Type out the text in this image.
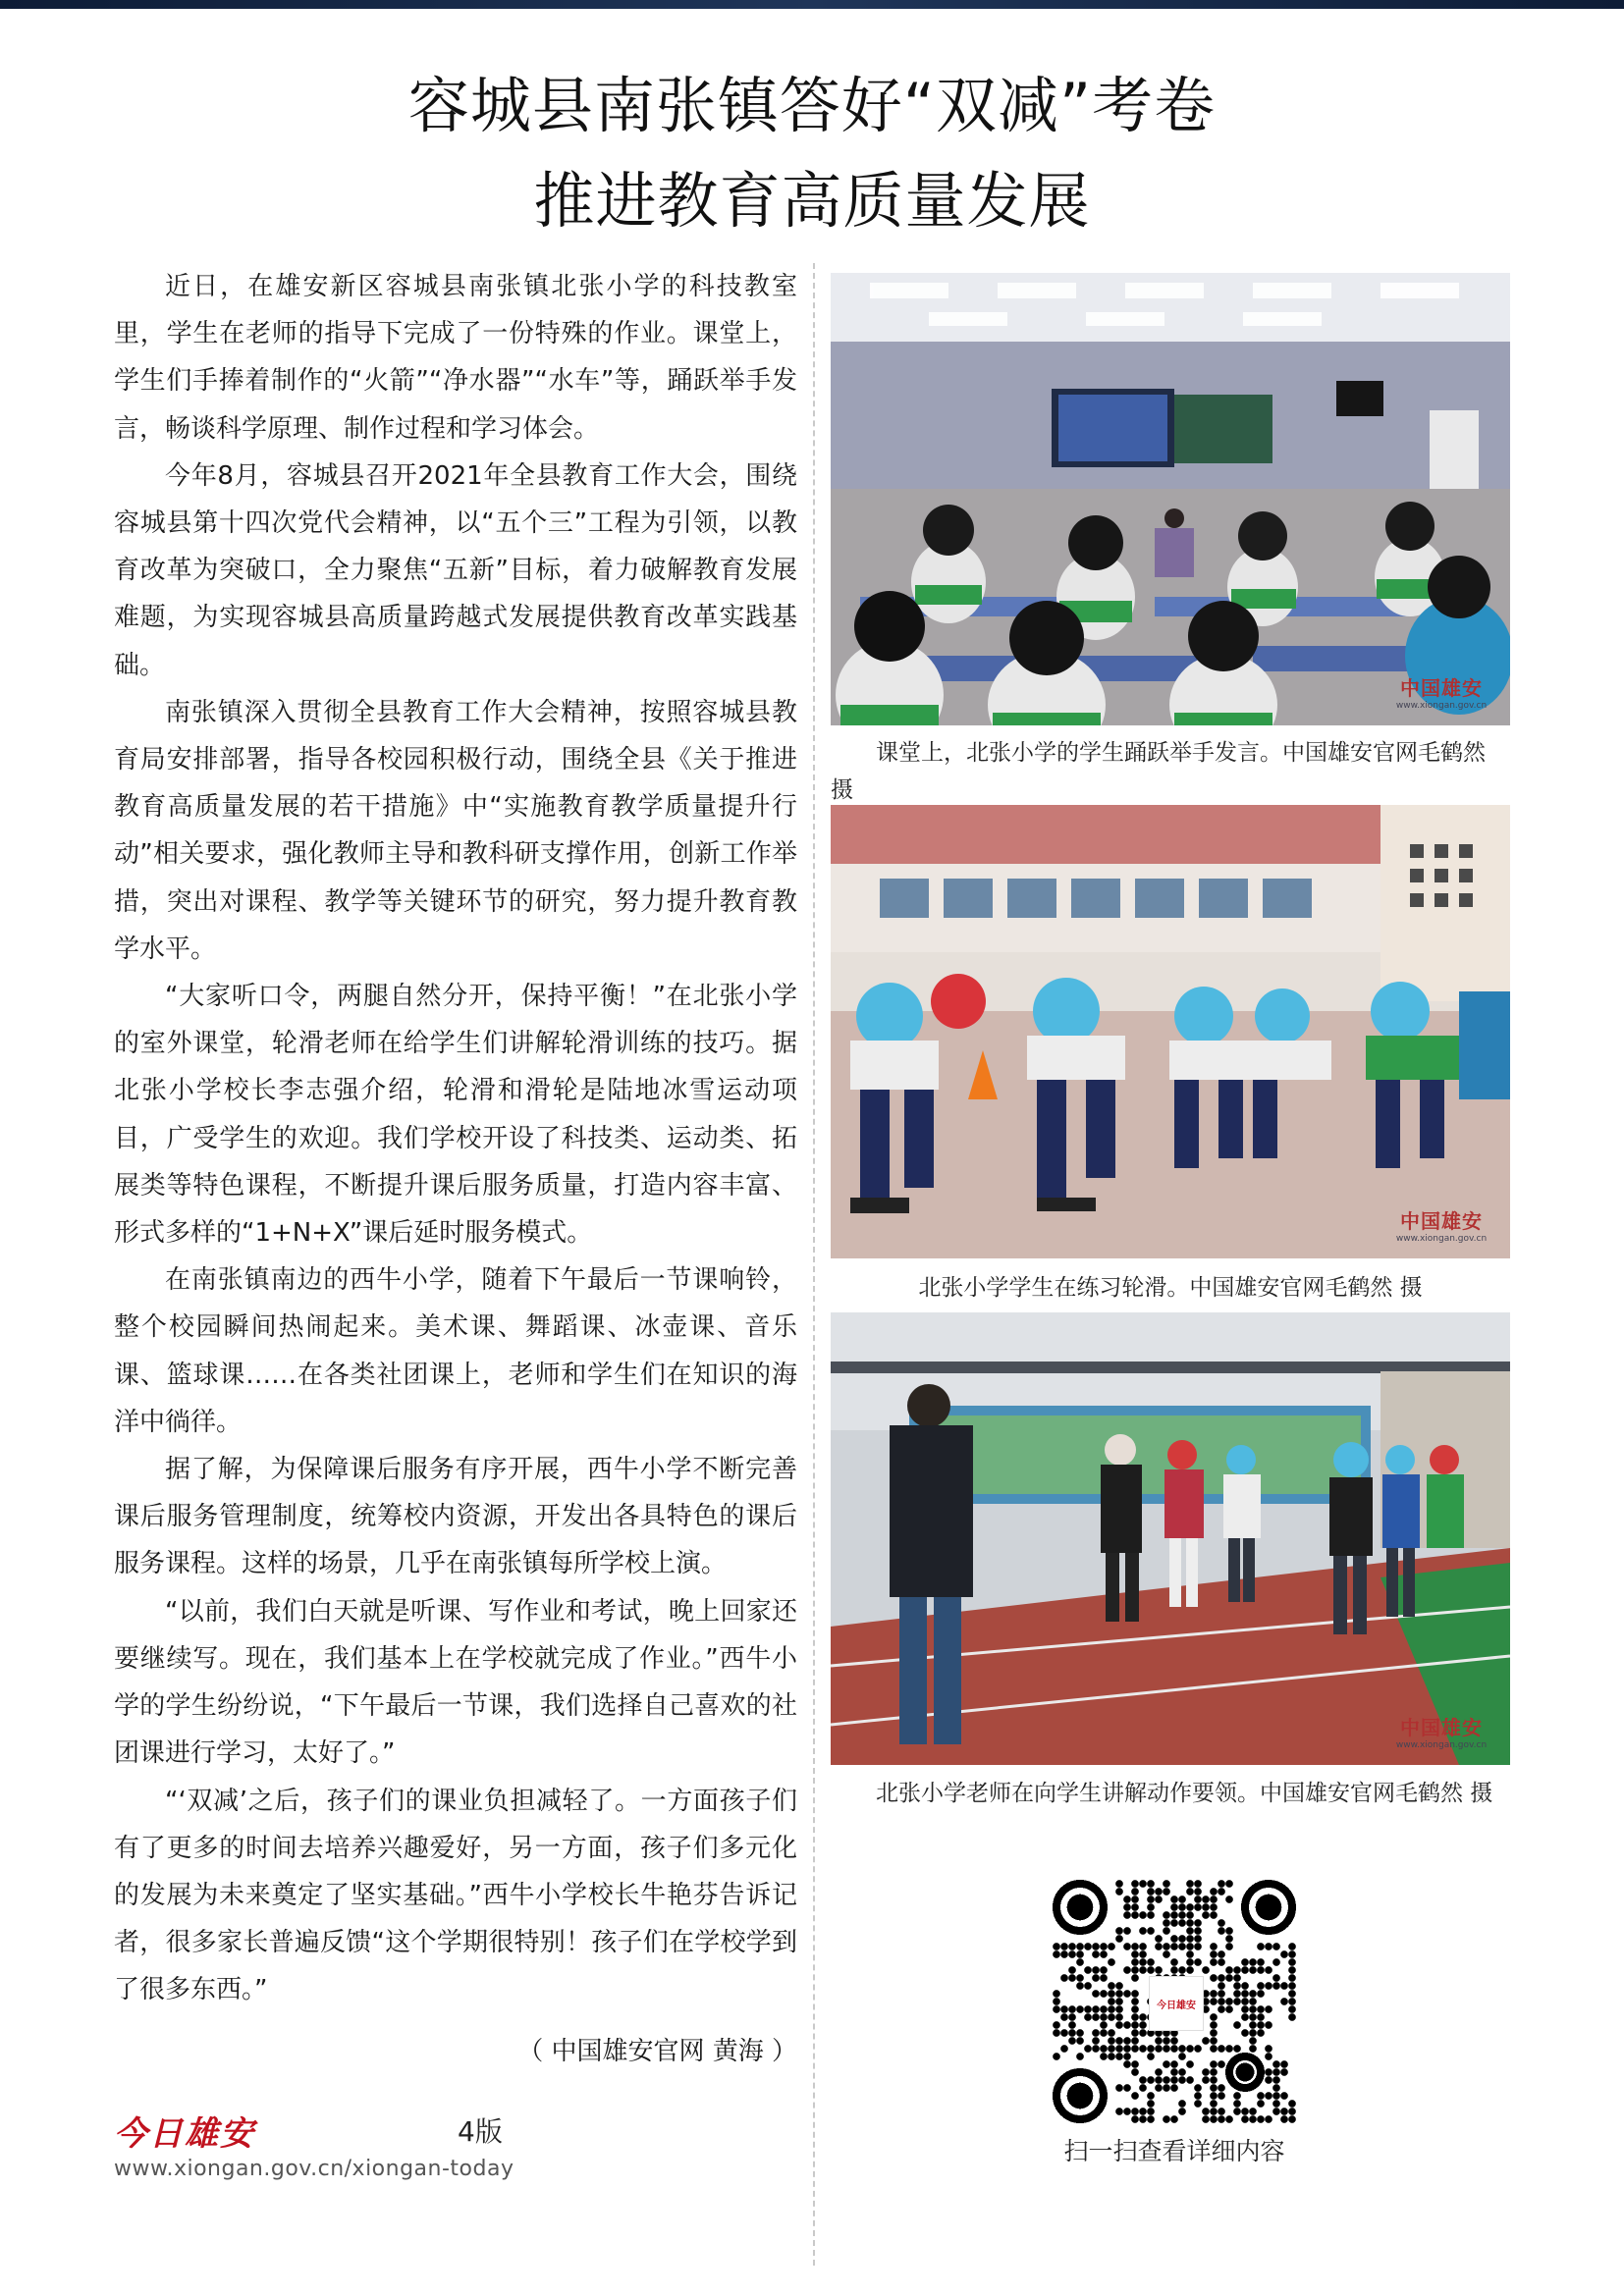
容城县南张镇答好“双减”考卷
推进教育高质量发展

近日，在雄安新区容城县南张镇北张小学的科技教室里，学生在老师的指导下完成了一份特殊的作业。课堂上，学生们手捧着制作的“火箭”“净水器”“水车”等，踊跃举手发言，畅谈科学原理、制作过程和学习体会。

今年8月，容城县召开2021年全县教育工作大会，围绕容城县第十四次党代会精神，以“五个三”工程为引领，以教育改革为突破口，全力聚焦“五新”目标，着力破解教育发展难题，为实现容城县高质量跨越式发展提供教育改革实践基础。

南张镇深入贯彻全县教育工作大会精神，按照容城县教育局安排部署，指导各校园积极行动，围绕全县《关于推进教育高质量发展的若干措施》中“实施教育教学质量提升行动”相关要求，强化教师主导和教科研支撑作用，创新工作举措，突出对课程、教学等关键环节的研究，努力提升教育教学水平。

“大家听口令，两腿自然分开，保持平衡！”在北张小学的室外课堂，轮滑老师在给学生们讲解轮滑训练的技巧。据北张小学校长李志强介绍，轮滑和滑轮是陆地冰雪运动项目，广受学生的欢迎。我们学校开设了科技类、运动类、拓展类等特色课程，不断提升课后服务质量，打造内容丰富、形式多样的“1+N+X”课后延时服务模式。

在南张镇南边的西牛小学，随着下午最后一节课响铃，整个校园瞬间热闹起来。美术课、舞蹈课、冰壶课、音乐课、篮球课……在各类社团课上，老师和学生们在知识的海洋中徜徉。

据了解，为保障课后服务有序开展，西牛小学不断完善课后服务管理制度，统筹校内资源，开发出各具特色的课后服务课程。这样的场景，几乎在南张镇每所学校上演。

“以前，我们白天就是听课、写作业和考试，晚上回家还要继续写。现在，我们基本上在学校就完成了作业。”西牛小学的学生纷纷说，“下午最后一节课，我们选择自己喜欢的社团课进行学习，太好了。”

“‘双减’之后，孩子们的课业负担减轻了。一方面孩子们有了更多的时间去培养兴趣爱好，另一方面，孩子们多元化的发展为未来奠定了坚实基础。”西牛小学校长牛艳芬告诉记者，很多家长普遍反馈“这个学期很特别！孩子们在学校学到了很多东西。”

（ 中国雄安官网 黄海 ）
中国雄安
www.xiongan.gov.cn
课堂上，北张小学的学生踊跃举手发言。中国雄安官网毛鹤然 摄
中国雄安
www.xiongan.gov.cn
北张小学学生在练习轮滑。中国雄安官网毛鹤然 摄
中国雄安
www.xiongan.gov.cn
北张小学老师在向学生讲解动作要领。中国雄安官网毛鹤然 摄
今日雄安
扫一扫查看详细内容
今日雄安	4版
www.xiongan.gov.cn/xiongan-today
